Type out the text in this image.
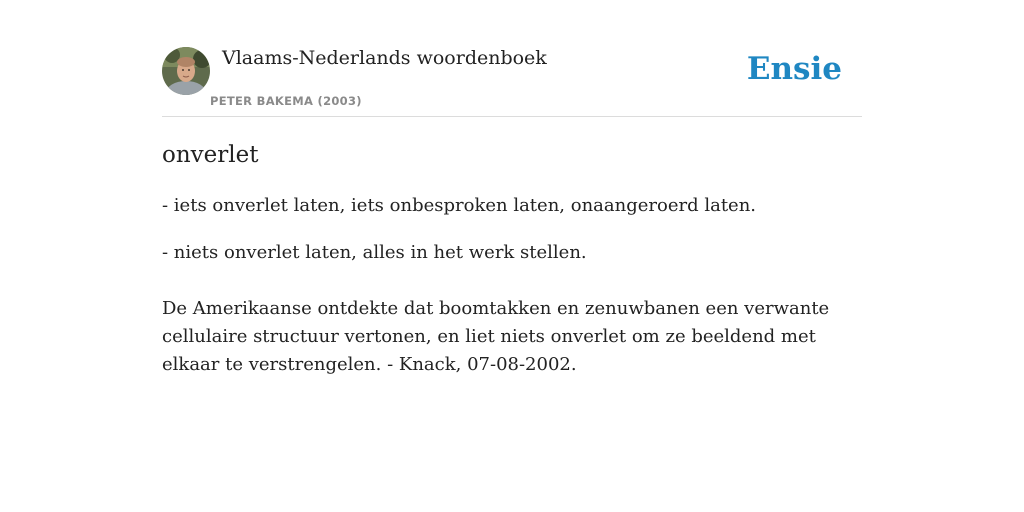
Vlaams-Nederlands woordenboek
PETER BAKEMA (2003)
Ensie
onverlet
- iets onverlet laten, iets onbesproken laten, onaangeroerd laten.
- niets onverlet laten, alles in het werk stellen.
De Amerikaanse ontdekte dat boomtakken en zenuwbanen een verwante cellulaire structuur vertonen, en liet niets onverlet om ze beeldend met elkaar te verstrengelen. - Knack, 07-08-2002.
